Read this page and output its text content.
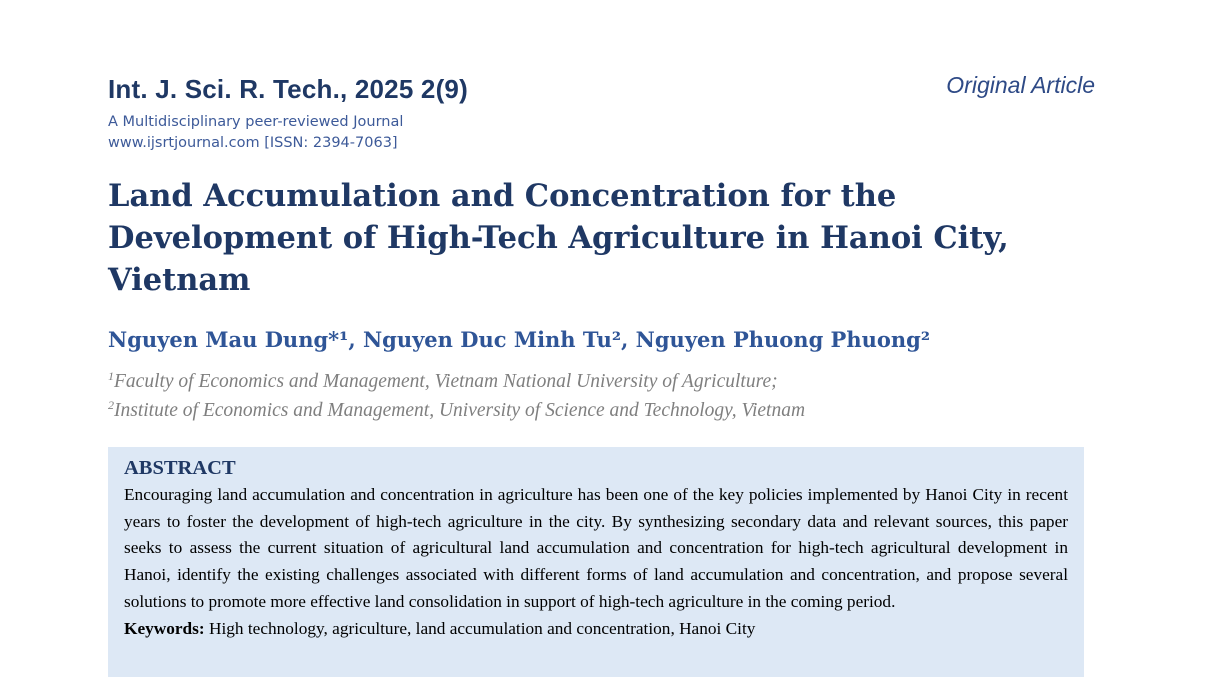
Int. J. Sci. R. Tech., 2025 2(9)	Original Article
A Multidisciplinary peer-reviewed Journal
www.ijsrtjournal.com [ISSN: 2394-7063]
Land Accumulation and Concentration for the
Development of High-Tech Agriculture in Hanoi City,
Vietnam
Nguyen Mau Dung*¹, Nguyen Duc Minh Tu², Nguyen Phuong Phuong²
$^1$Faculty of Economics and Management, Vietnam National University of Agriculture;
$^2$Institute of Economics and Management, University of Science and Technology, Vietnam

ABSTRACT

Encouraging land accumulation and concentration in agriculture has been one of the key policies implemented by Hanoi City in recent years to foster the development of high-tech agriculture in the city. By synthesizing secondary data and relevant sources, this paper seeks to assess the current situation of agricultural land accumulation and concentration for high-tech agricultural development in Hanoi, identify the existing challenges associated with different forms of land accumulation and concentration, and propose several solutions to promote more effective land consolidation in support of high-tech agriculture in the coming period.

Keywords: High technology, agriculture, land accumulation and concentration, Hanoi City
